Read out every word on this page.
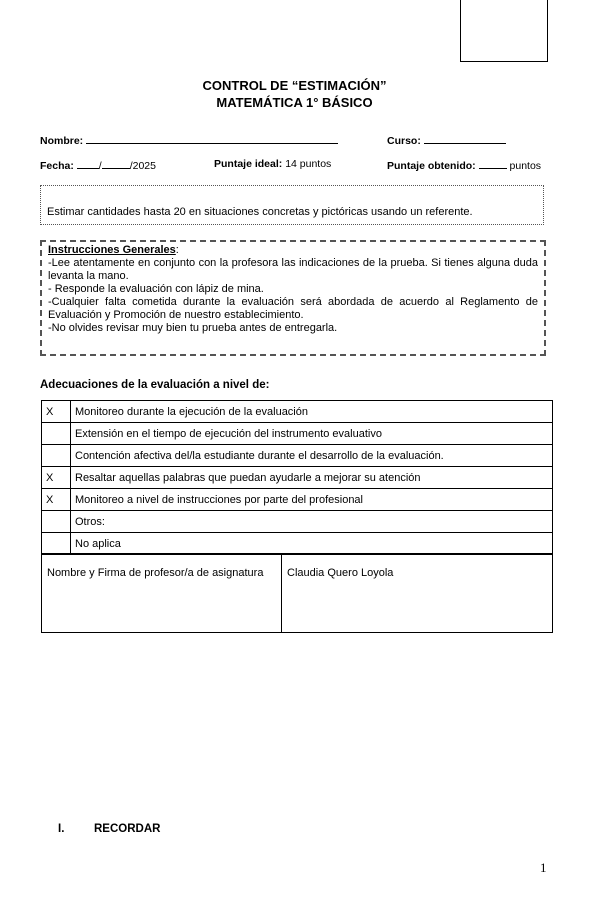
CONTROL DE “ESTIMACIÓN”
MATEMÁTICA 1° BÁSICO
Nombre:	Curso:
Fecha: /	/2025	Puntaje ideal: 14 puntos	Puntaje obtenido:	puntos
Estimar cantidades hasta 20 en situaciones concretas y pictóricas usando un referente.
Instrucciones Generales:
-Lee atentamente en conjunto con la profesora las indicaciones de la prueba. Si tienes alguna duda levanta la mano.
- Responde la evaluación con lápiz de mina.
-Cualquier falta cometida durante la evaluación será abordada de acuerdo al Reglamento de Evaluación y Promoción de nuestro establecimiento.
-No olvides revisar muy bien tu prueba antes de entregarla.
Adecuaciones de la evaluación a nivel de:
X	Monitoreo durante la ejecución de la evaluación
	Extensión en el tiempo de ejecución del instrumento evaluativo
	Contención afectiva del/la estudiante durante el desarrollo de la evaluación.
X	Resaltar aquellas palabras que puedan ayudarle a mejorar su atención
X	Monitoreo a nivel de instrucciones por parte del profesional
	Otros:
	No aplica
Nombre y Firma de profesor/a de asignatura	Claudia Quero Loyola
I.	RECORDAR
1
